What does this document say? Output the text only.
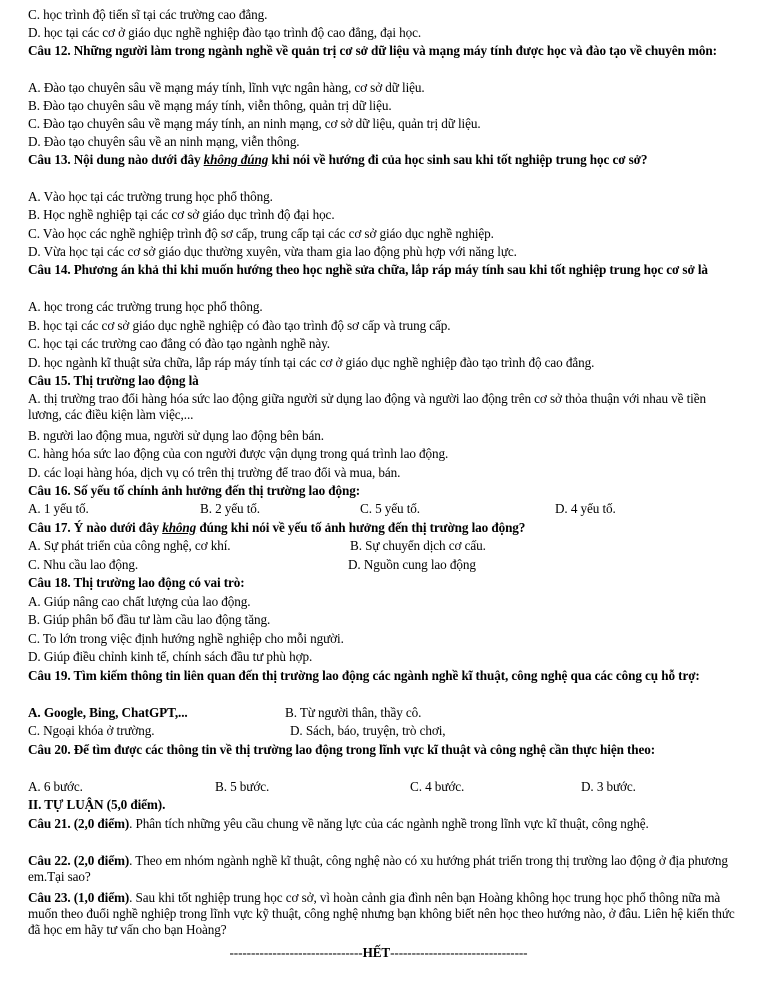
C. học trình độ tiến sĩ tại các trường cao đẳng.
D. học tại các cơ ở giáo dục nghề nghiệp đào tạo trình độ cao đẳng, đại học.
Câu 12. Những người làm trong ngành nghề về quản trị cơ sở dữ liệu và mạng máy tính được học và đào tạo về chuyên môn:
A. Đào tạo chuyên sâu về mạng máy tính, lĩnh vực ngân hàng, cơ sở dữ liệu.
B. Đào tạo chuyên sâu về mạng máy tính, viễn thông, quản trị dữ liệu.
C. Đào tạo chuyên sâu về mạng máy tính, an ninh mạng, cơ sở dữ liệu, quản trị dữ liệu.
D. Đào tạo chuyên sâu về an ninh mạng, viễn thông.
Câu 13. Nội dung nào dưới đây không đúng khi nói về hướng đi của học sinh sau khi tốt nghiệp trung học cơ sở?
A. Vào học tại các trường trung học phổ thông.
B. Học nghề nghiệp tại các cơ sở giáo dục trình độ đại học.
C. Vào học các nghề nghiệp trình độ sơ cấp, trung cấp tại các cơ sở giáo dục nghề nghiệp.
D. Vừa học tại các cơ sở giáo dục thường xuyên, vừa tham gia lao động phù hợp với năng lực.
Câu 14. Phương án khả thi khi muốn hướng theo học nghề sửa chữa, lắp ráp máy tính sau khi tốt nghiệp trung học cơ sở là
A. học trong các trường trung học phổ thông.
B. học tại các cơ sở giáo dục nghề nghiệp có đào tạo trình độ sơ cấp và trung cấp.
C. học tại các trường cao đẳng có đào tạo ngành nghề này.
D. học ngành kĩ thuật sửa chữa, lắp ráp máy tính tại các cơ ở giáo dục nghề nghiệp đào tạo trình độ cao đẳng.
Câu 15. Thị trường lao động là
A. thị trường trao đổi hàng hóa sức lao động giữa người sử dụng lao động và người lao động trên cơ sở thỏa thuận với nhau về tiền lương, các điều kiện làm việc,...
B. người lao động mua, người sử dụng lao động bên bán.
C. hàng hóa sức lao động của con người được vận dụng trong quá trình lao động.
D. các loại hàng hóa, dịch vụ có trên thị trường để trao đổi và mua, bán.
Câu 16. Số yếu tố chính ảnh hưởng đến thị trường lao động:
A. 1 yếu tố.	B. 2 yếu tố.	C. 5 yếu tố.	D. 4 yếu tố.
Câu 17. Ý nào dưới đây không đúng khi nói về yếu tố ảnh hưởng đến thị trường lao động?
A. Sự phát triển của công nghệ, cơ khí.	B. Sự chuyển dịch cơ cấu.
C. Nhu cầu lao động.	D. Nguồn cung lao động
Câu 18. Thị trường lao động có vai trò:
A. Giúp nâng cao chất lượng của lao động.
B. Giúp phân bổ đầu tư làm cầu lao động tăng.
C. To lớn trong việc định hướng nghề nghiệp cho mỗi người.
D. Giúp điều chỉnh kinh tế, chính sách đầu tư phù hợp.
Câu 19. Tìm kiếm thông tin liên quan đến thị trường lao động các ngành nghề kĩ thuật, công nghệ qua các công cụ hỗ trợ:
A. Google, Bing, ChatGPT,...	B. Từ người thân, thầy cô.
C. Ngoại khóa ở trường.	D. Sách, báo, truyện, trò chơi,
Câu 20. Để tìm được các thông tin về thị trường lao động trong lĩnh vực kĩ thuật và công nghệ cần thực hiện theo:
A. 6 bước.	B. 5 bước.	C. 4 bước.	D. 3 bước.
II. TỰ LUẬN (5,0 điểm).
Câu 21. (2,0 điểm). Phân tích những yêu cầu chung về năng lực của các ngành nghề trong lĩnh vực kĩ thuật, công nghệ.
Câu 22. (2,0 điểm). Theo em nhóm ngành nghề kĩ thuật, công nghệ nào có xu hướng phát triển trong thị trường lao động ở địa phương em.Tại sao?
Câu 23. (1,0 điểm). Sau khi tốt nghiệp trung học cơ sở, vì hoàn cảnh gia đình nên bạn Hoàng không học trung học phổ thông nữa mà muốn theo đuổi nghề nghiệp trong lĩnh vực kỹ thuật, công nghệ nhưng bạn không biết nên học theo hướng nào, ở đâu. Liên hệ kiến thức đã học em hãy tư vấn cho bạn Hoàng?
-------------------------------HẾT--------------------------------
